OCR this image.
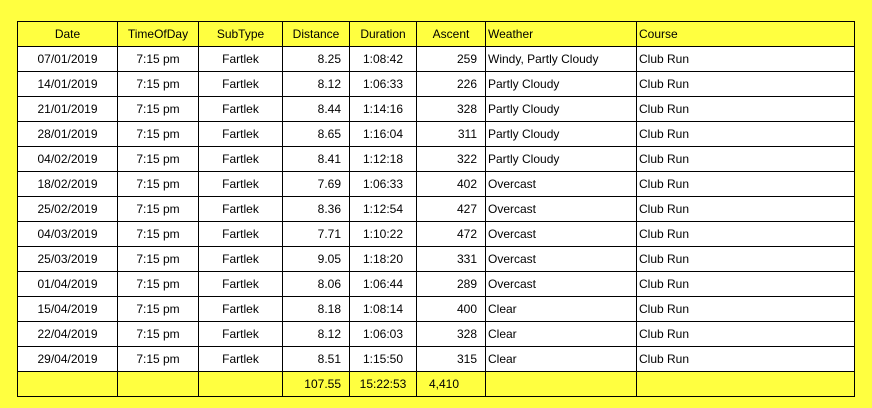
Date	TimeOfDay	SubType	Distance	Duration	Ascent	Weather	Course
07/01/2019	7:15 pm	Fartlek	8.25	1:08:42	259	Windy, Partly Cloudy	Club Run
14/01/2019	7:15 pm	Fartlek	8.12	1:06:33	226	Partly Cloudy	Club Run
21/01/2019	7:15 pm	Fartlek	8.44	1:14:16	328	Partly Cloudy	Club Run
28/01/2019	7:15 pm	Fartlek	8.65	1:16:04	311	Partly Cloudy	Club Run
04/02/2019	7:15 pm	Fartlek	8.41	1:12:18	322	Partly Cloudy	Club Run
18/02/2019	7:15 pm	Fartlek	7.69	1:06:33	402	Overcast	Club Run
25/02/2019	7:15 pm	Fartlek	8.36	1:12:54	427	Overcast	Club Run
04/03/2019	7:15 pm	Fartlek	7.71	1:10:22	472	Overcast	Club Run
25/03/2019	7:15 pm	Fartlek	9.05	1:18:20	331	Overcast	Club Run
01/04/2019	7:15 pm	Fartlek	8.06	1:06:44	289	Overcast	Club Run
15/04/2019	7:15 pm	Fartlek	8.18	1:08:14	400	Clear	Club Run
22/04/2019	7:15 pm	Fartlek	8.12	1:06:03	328	Clear	Club Run
29/04/2019	7:15 pm	Fartlek	8.51	1:15:50	315	Clear	Club Run
			107.55	15:22:53	4,410		
